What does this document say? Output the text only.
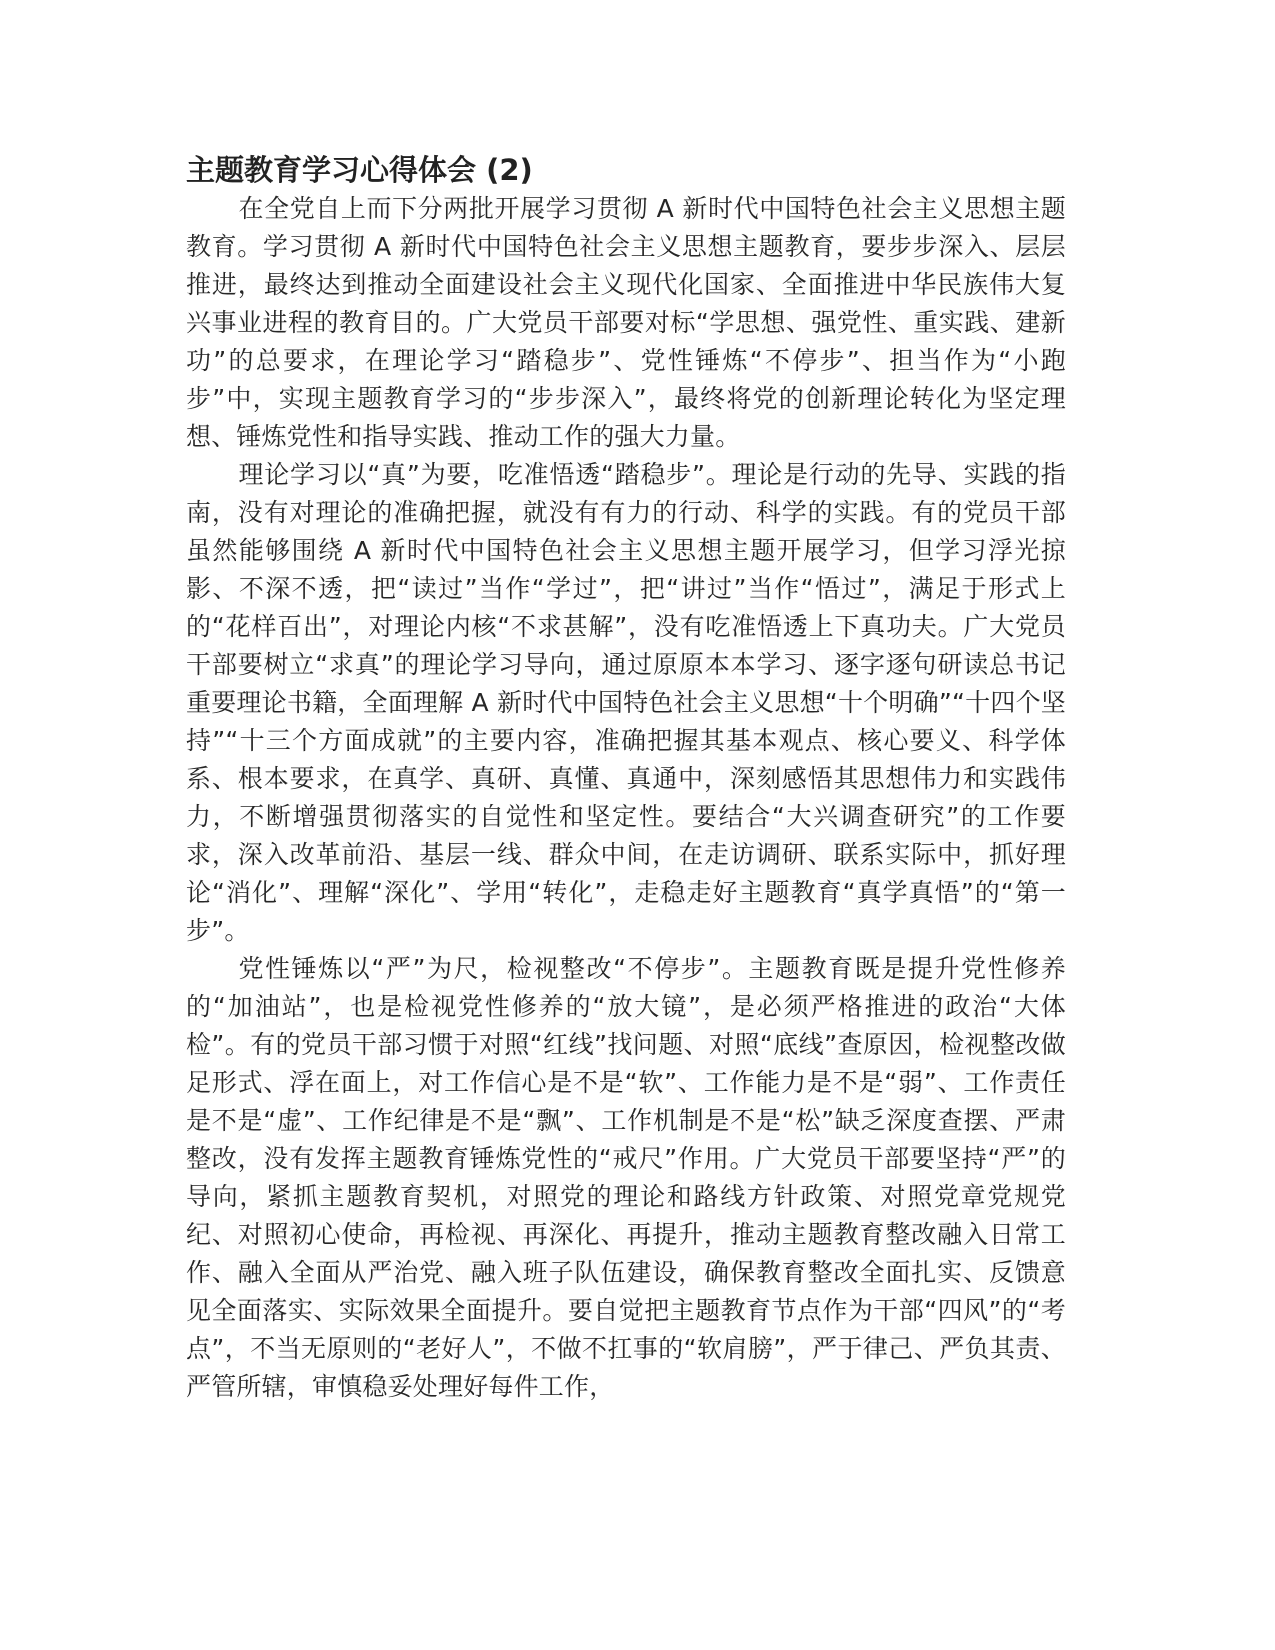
主题教育学习心得体会 (2)

在全党自上而下分两批开展学习贯彻 A 新时代中国特色社会主义思想主题教育。学习贯彻 A 新时代中国特色社会主义思想主题教育，要步步深入、层层推进，最终达到推动全面建设社会主义现代化国家、全面推进中华民族伟大复兴事业进程的教育目的。广大党员干部要对标“学思想、强党性、重实践、建新功”的总要求，在理论学习“踏稳步”、党性锤炼“不停步”、担当作为“小跑步”中，实现主题教育学习的“步步深入”，最终将党的创新理论转化为坚定理想、锤炼党性和指导实践、推动工作的强大力量。

理论学习以“真”为要，吃准悟透“踏稳步”。理论是行动的先导、实践的指南，没有对理论的准确把握，就没有有力的行动、科学的实践。有的党员干部虽然能够围绕 A 新时代中国特色社会主义思想主题开展学习，但学习浮光掠影、不深不透，把“读过”当作“学过”，把“讲过”当作“悟过”，满足于形式上的“花样百出”，对理论内核“不求甚解”，没有吃准悟透上下真功夫。广大党员干部要树立“求真”的理论学习导向，通过原原本本学习、逐字逐句研读总书记重要理论书籍，全面理解 A 新时代中国特色社会主义思想“十个明确”“十四个坚持”“十三个方面成就”的主要内容，准确把握其基本观点、核心要义、科学体系、根本要求，在真学、真研、真懂、真通中，深刻感悟其思想伟力和实践伟力，不断增强贯彻落实的自觉性和坚定性。要结合“大兴调查研究”的工作要求，深入改革前沿、基层一线、群众中间，在走访调研、联系实际中，抓好理论“消化”、理解“深化”、学用“转化”，走稳走好主题教育“真学真悟”的“第一步”。

党性锤炼以“严”为尺，检视整改“不停步”。主题教育既是提升党性修养的“加油站”，也是检视党性修养的“放大镜”，是必须严格推进的政治“大体检”。有的党员干部习惯于对照“红线”找问题、对照“底线”查原因，检视整改做足形式、浮在面上，对工作信心是不是“软”、工作能力是不是“弱”、工作责任是不是“虚”、工作纪律是不是“飘”、工作机制是不是“松”缺乏深度查摆、严肃整改，没有发挥主题教育锤炼党性的“戒尺”作用。广大党员干部要坚持“严”的导向，紧抓主题教育契机，对照党的理论和路线方针政策、对照党章党规党纪、对照初心使命，再检视、再深化、再提升，推动主题教育整改融入日常工作、融入全面从严治党、融入班子队伍建设，确保教育整改全面扎实、反馈意见全面落实、实际效果全面提升。要自觉把主题教育节点作为干部“四风”的“考点”，不当无原则的“老好人”，不做不扛事的“软肩膀”，严于律己、严负其责、严管所辖，审慎稳妥处理好每件工作，
